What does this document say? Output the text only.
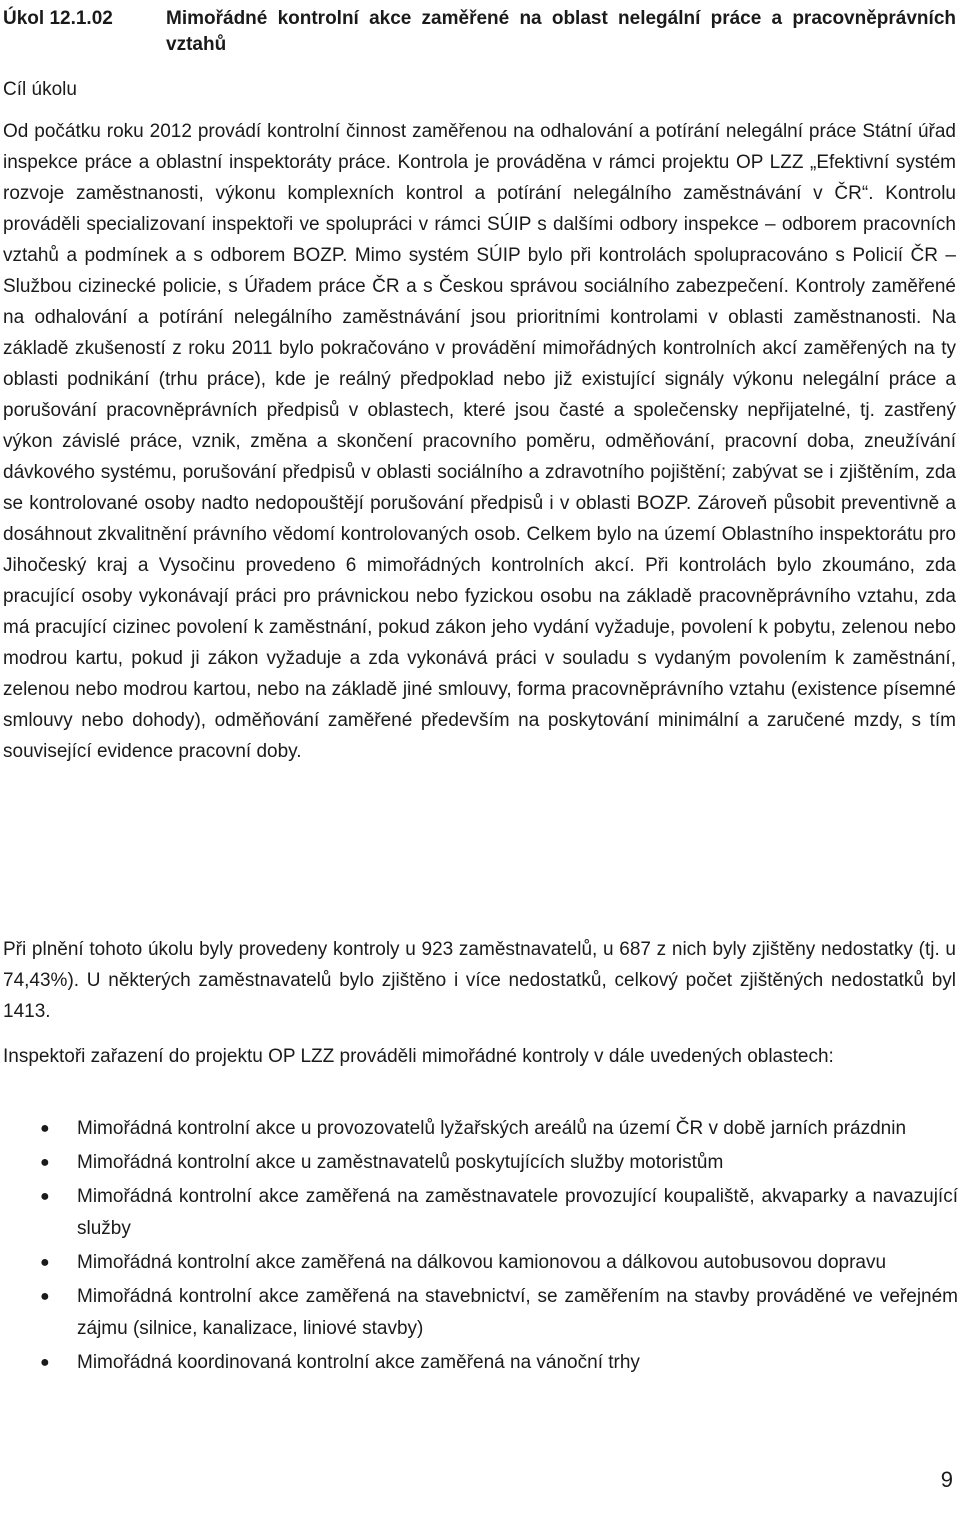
Úkol 12.1.02	Mimořádné kontrolní akce zaměřené na oblast nelegální práce a pracovněprávních vztahů
Cíl úkolu

Od počátku roku 2012 provádí kontrolní činnost zaměřenou na odhalování a potírání nelegální práce Státní úřad inspekce práce a oblastní inspektoráty práce. Kontrola je prováděna v rámci projektu OP LZZ „Efektivní systém rozvoje zaměstnanosti, výkonu komplexních kontrol a potírání nelegálního zaměstnávání v ČR“. Kontrolu prováděli specializovaní inspektoři ve spolupráci v rámci SÚIP s dalšími odbory inspekce – odborem pracovních vztahů a podmínek a s odborem BOZP. Mimo systém SÚIP bylo při kontrolách spolupracováno s Policií ČR – Službou cizinecké policie, s Úřadem práce ČR a s Českou správou sociálního zabezpečení. Kontroly zaměřené na odhalování a potírání nelegálního zaměstnávání jsou prioritními kontrolami v oblasti zaměstnanosti. Na základě zkušeností z roku 2011 bylo pokračováno v provádění mimořádných kontrolních akcí zaměřených na ty oblasti podnikání (trhu práce), kde je reálný předpoklad nebo již existující signály výkonu nelegální práce a porušování pracovněprávních předpisů v oblastech, které jsou časté a společensky nepřijatelné, tj. zastřený výkon závislé práce, vznik, změna a skončení pracovního poměru, odměňování, pracovní doba, zneužívání dávkového systému, porušování předpisů v oblasti sociálního a zdravotního pojištění; zabývat se i zjištěním, zda se kontrolované osoby nadto nedopouštějí porušování předpisů i v oblasti BOZP. Zároveň působit preventivně a dosáhnout zkvalitnění právního vědomí kontrolovaných osob. Celkem bylo na území Oblastního inspektorátu pro Jihočeský kraj a Vysočinu provedeno 6 mimořádných kontrolních akcí. Při kontrolách bylo zkoumáno, zda pracující osoby vykonávají práci pro právnickou nebo fyzickou osobu na základě pracovněprávního vztahu, zda má pracující cizinec povolení k zaměstnání, pokud zákon jeho vydání vyžaduje, povolení k pobytu, zelenou nebo modrou kartu, pokud ji zákon vyžaduje a zda vykonává práci v souladu s vydaným povolením k zaměstnání, zelenou nebo modrou kartou, nebo na základě jiné smlouvy, forma pracovněprávního vztahu (existence písemné smlouvy nebo dohody), odměňování zaměřené především na poskytování minimální a zaručené mzdy, s tím související evidence pracovní doby.

Při plnění tohoto úkolu byly provedeny kontroly u 923 zaměstnavatelů, u 687 z nich byly zjištěny nedostatky (tj. u 74,43%). U některých zaměstnavatelů bylo zjištěno i více nedostatků, celkový počet zjištěných nedostatků byl 1413.

Inspektoři zařazení do projektu OP LZZ prováděli mimořádné kontroly v dále uvedených oblastech:

● Mimořádná kontrolní akce u provozovatelů lyžařských areálů na území ČR v době jarních prázdnin
● Mimořádná kontrolní akce u zaměstnavatelů poskytujících služby motoristům
● Mimořádná kontrolní akce zaměřená na zaměstnavatele provozující koupaliště, akvaparky a navazující služby
● Mimořádná kontrolní akce zaměřená na dálkovou kamionovou a dálkovou autobusovou dopravu
● Mimořádná kontrolní akce zaměřená na stavebnictví, se zaměřením na stavby prováděné ve veřejném zájmu (silnice, kanalizace, liniové stavby)
● Mimořádná koordinovaná kontrolní akce zaměřená na vánoční trhy
9
